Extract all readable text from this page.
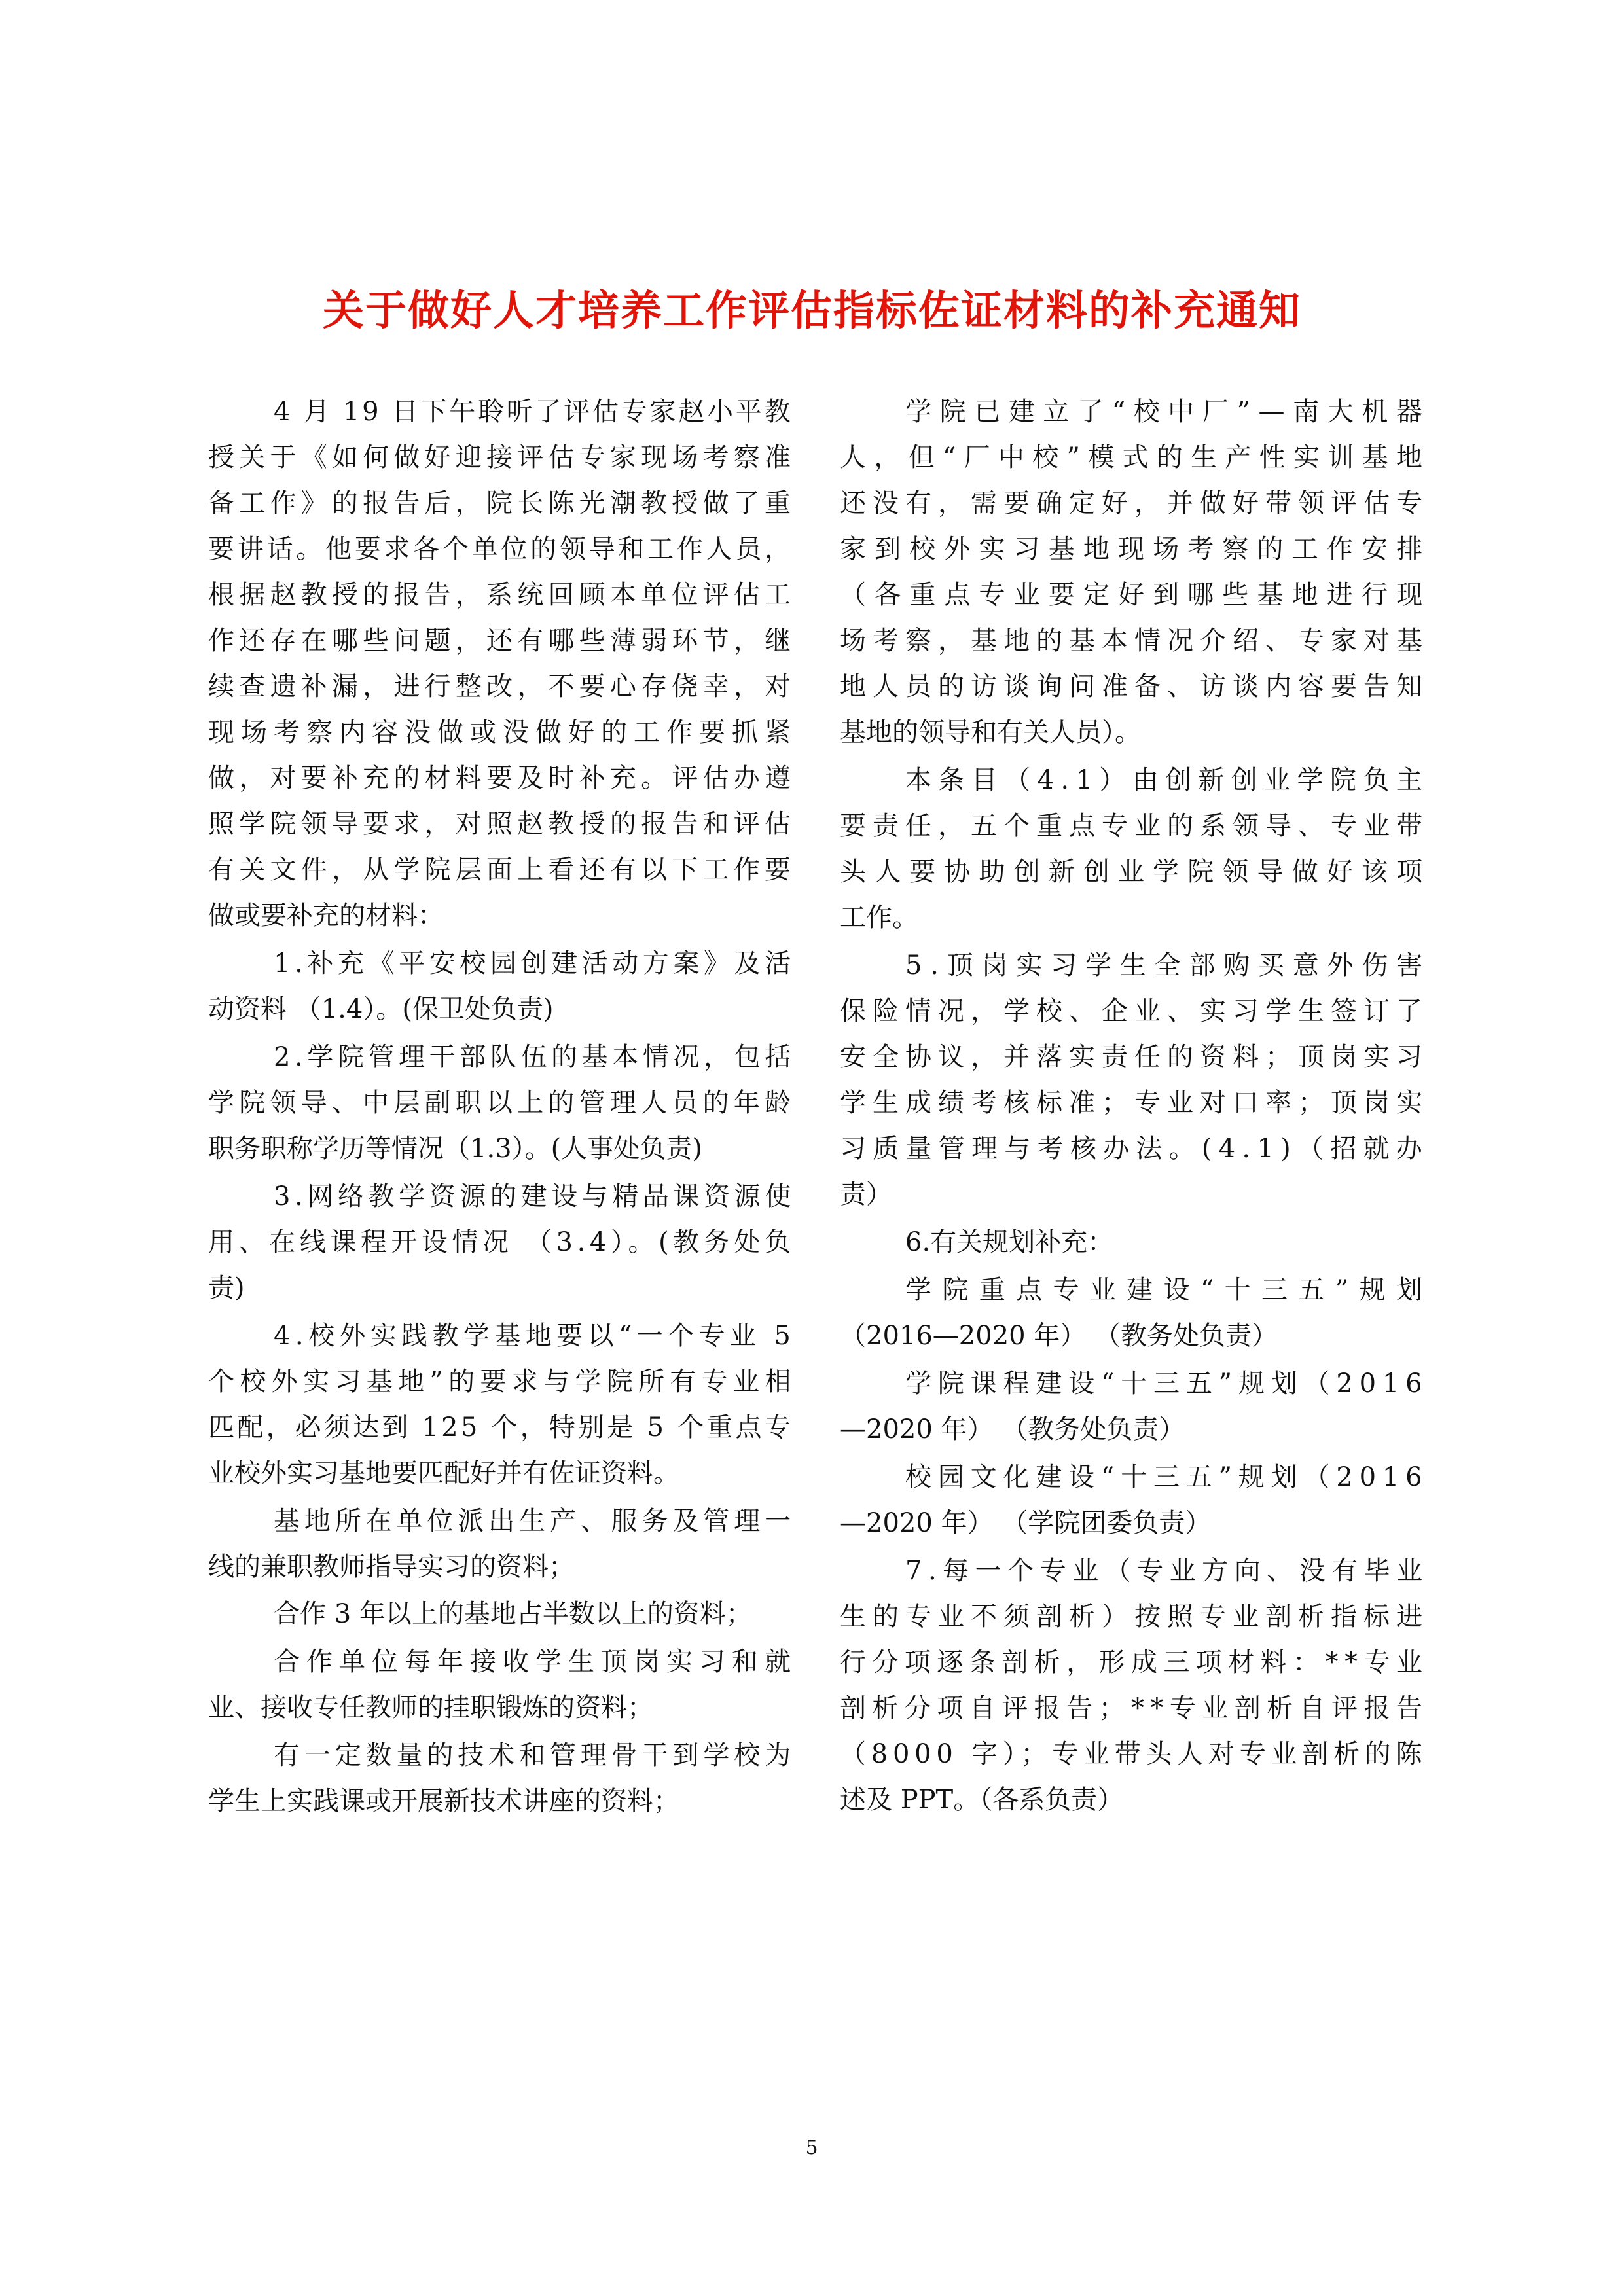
关于做好人才培养工作评估指标佐证材料的补充通知
4 月 19 日下午聆听了评估专家赵小平教
授关于《如何做好迎接评估专家现场考察准
备工作》的报告后，院长陈光潮教授做了重
要讲话。他要求各个单位的领导和工作人员，
根据赵教授的报告，系统回顾本单位评估工
作还存在哪些问题，还有哪些薄弱环节，继
续查遗补漏，进行整改，不要心存侥幸，对
现场考察内容没做或没做好的工作要抓紧
做，对要补充的材料要及时补充。评估办遵
照学院领导要求，对照赵教授的报告和评估
有关文件，从学院层面上看还有以下工作要
做或要补充的材料：
1.补充《平安校园创建活动方案》及活
动资料 （1.4）。(保卫处负责)
2.学院管理干部队伍的基本情况，包括
学院领导、中层副职以上的管理人员的年龄
职务职称学历等情况（1.3）。(人事处负责)
3.网络教学资源的建设与精品课资源使
用、在线课程开设情况 （3.4）。(教务处负
责)
4.校外实践教学基地要以“一个专业 5
个校外实习基地”的要求与学院所有专业相
匹配，必须达到 125 个，特别是 5 个重点专
业校外实习基地要匹配好并有佐证资料。
基地所在单位派出生产、服务及管理一
线的兼职教师指导实习的资料；
合作 3 年以上的基地占半数以上的资料；
合作单位每年接收学生顶岗实习和就
业、接收专任教师的挂职锻炼的资料；
有一定数量的技术和管理骨干到学校为
学生上实践课或开展新技术讲座的资料；
学院已建立了“校中厂”—南大机器
人，但“厂中校”模式的生产性实训基地
还没有，需要确定好，并做好带领评估专
家到校外实习基地现场考察的工作安排
（各重点专业要定好到哪些基地进行现
场考察，基地的基本情况介绍、专家对基
地人员的访谈询问准备、访谈内容要告知
基地的领导和有关人员）。
本条目（4.1）由创新创业学院负主
要责任，五个重点专业的系领导、专业带
头人要协助创新创业学院领导做好该项
工作。
5.顶岗实习学生全部购买意外伤害
保险情况，学校、企业、实习学生签订了
安全协议，并落实责任的资料；顶岗实习
学生成绩考核标准；专业对口率；顶岗实
习质量管理与考核办法。(4.1)（招就办
责）
6.有关规划补充：
学院重点专业建设“十三五”规划
（2016—2020 年） （教务处负责）
学院课程建设“十三五”规划（2016
—2020 年） （教务处负责）
校园文化建设“十三五”规划（2016
—2020 年） （学院团委负责）
7.每一个专业（专业方向、没有毕业
生的专业不须剖析）按照专业剖析指标进
行分项逐条剖析，形成三项材料：**专业
剖析分项自评报告；**专业剖析自评报告
（8000 字）；专业带头人对专业剖析的陈
述及 PPT。（各系负责）
5
